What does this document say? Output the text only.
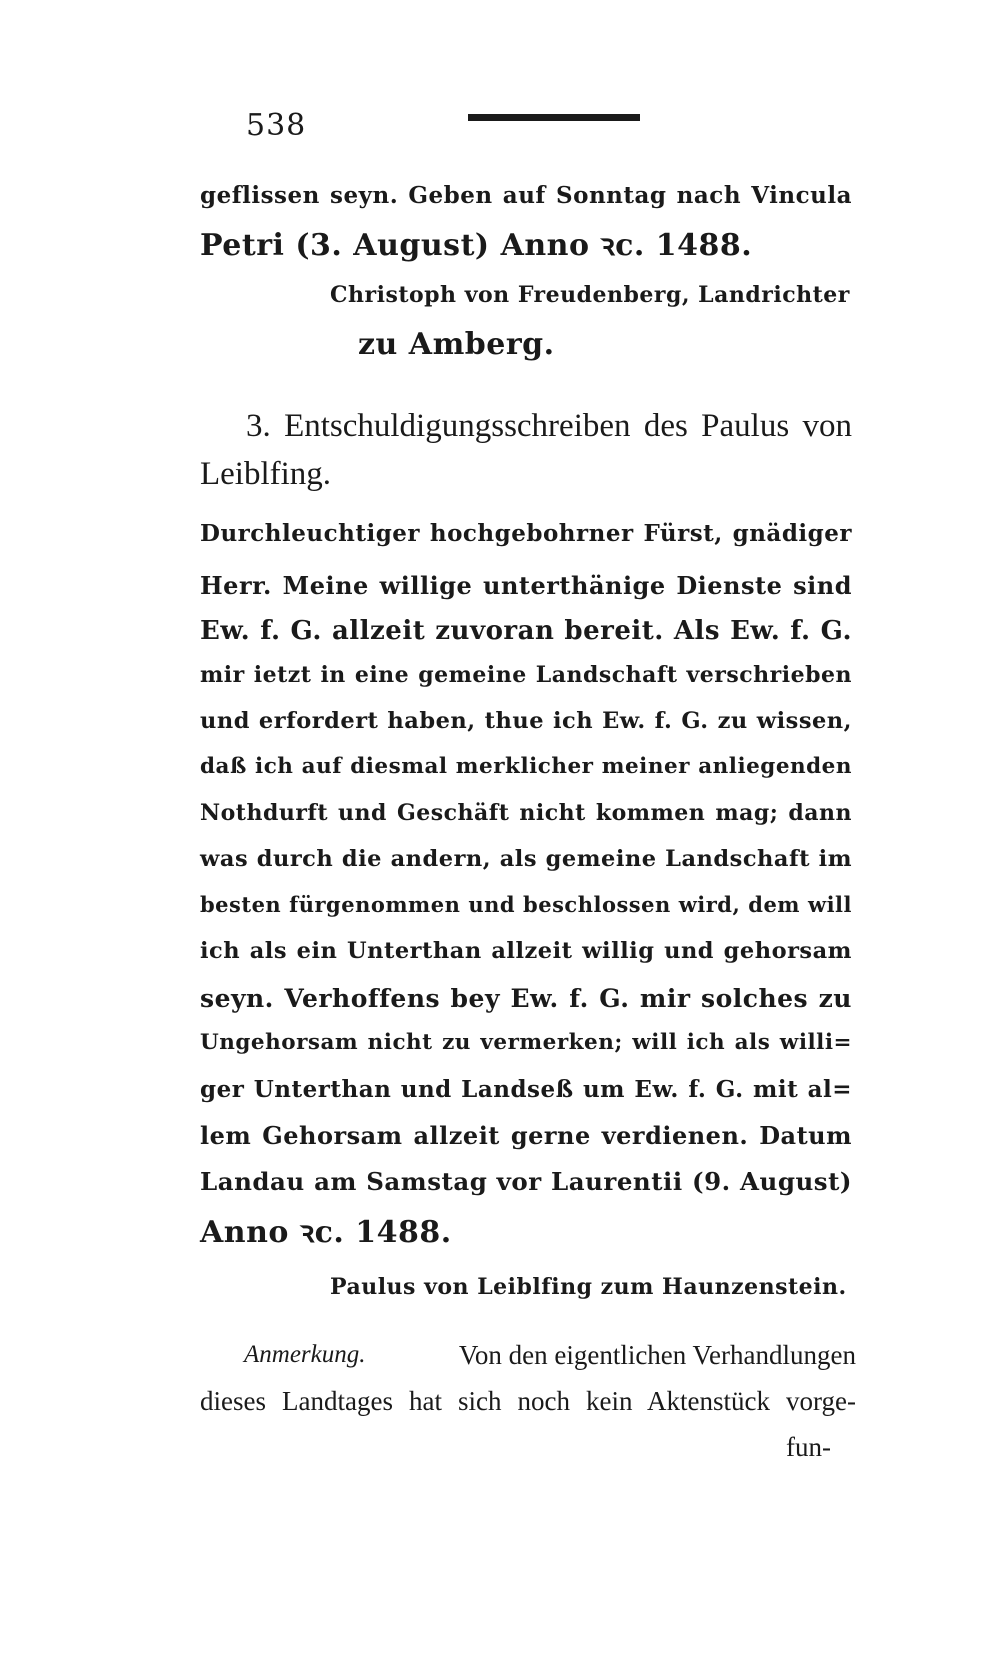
538
geflissen seyn. Geben auf Sonntag nach Vincula
Petri (3. August) Anno ꝛc. 1488.
Christoph von Freudenberg, Landrichter
zu Amberg.
3. Entschuldigungsschreiben des Paulus von
Leiblfing.
Durchleuchtiger hochgebohrner Fürst, gnädiger
Herr. Meine willige unterthänige Dienste sind
Ew. f. G. allzeit zuvoran bereit. Als Ew. f. G.
mir ietzt in eine gemeine Landschaft verschrieben
und erfordert haben, thue ich Ew. f. G. zu wissen,
daß ich auf diesmal merklicher meiner anliegenden
Nothdurft und Geschäft nicht kommen mag; dann
was durch die andern, als gemeine Landschaft im
besten fürgenommen und beschlossen wird, dem will
ich als ein Unterthan allzeit willig und gehorsam
seyn. Verhoffens bey Ew. f. G. mir solches zu
Ungehorsam nicht zu vermerken; will ich als willi=
ger Unterthan und Landseß um Ew. f. G. mit al=
lem Gehorsam allzeit gerne verdienen. Datum
Landau am Samstag vor Laurentii (9. August)
Anno ꝛc. 1488.
Paulus von Leiblfing zum Haunzenstein.
Anmerkung.	Von den eigentlichen Verhandlungen
dieses Landtages hat sich noch kein Aktenstück vorge-
fun-
